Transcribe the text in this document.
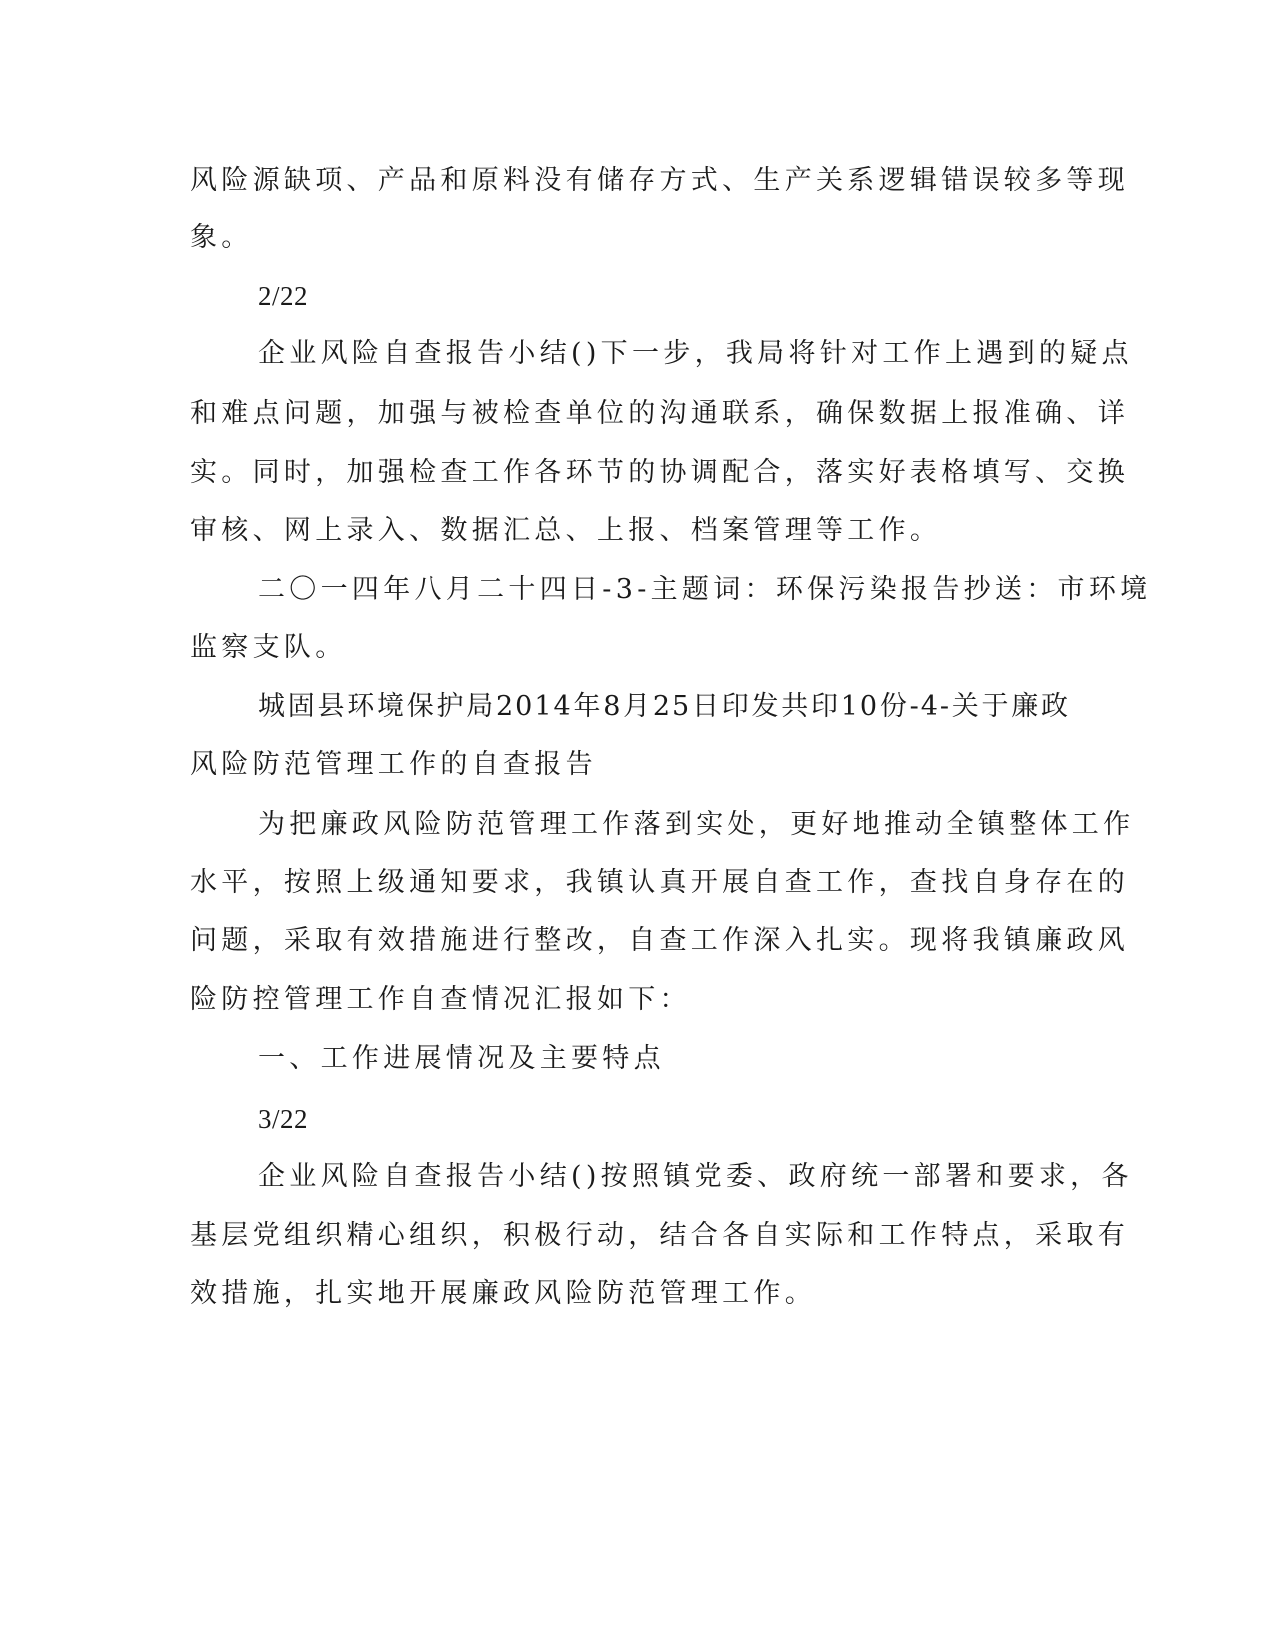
风险源缺项、产品和原料没有储存方式、生产关系逻辑错误较多等现

象。

2/22

企业风险自查报告小结()下一步，我局将针对工作上遇到的疑点

和难点问题，加强与被检查单位的沟通联系，确保数据上报准确、详

实。同时，加强检查工作各环节的协调配合，落实好表格填写、交换

审核、网上录入、数据汇总、上报、档案管理等工作。

二〇一四年八月二十四日-3-主题词：环保污染报告抄送：市环境

监察支队。

城固县环境保护局2014年8月25日印发共印10份-4-关于廉政

风险防范管理工作的自查报告

为把廉政风险防范管理工作落到实处，更好地推动全镇整体工作

水平，按照上级通知要求，我镇认真开展自查工作，查找自身存在的

问题，采取有效措施进行整改，自查工作深入扎实。现将我镇廉政风

险防控管理工作自查情况汇报如下：

一、工作进展情况及主要特点

3/22

企业风险自查报告小结()按照镇党委、政府统一部署和要求，各

基层党组织精心组织，积极行动，结合各自实际和工作特点，采取有

效措施，扎实地开展廉政风险防范管理工作。
